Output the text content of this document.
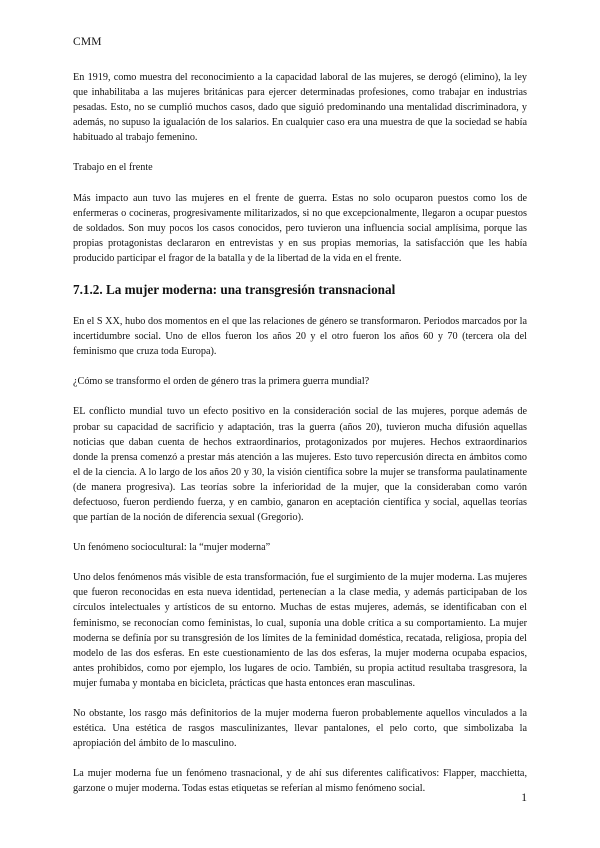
CMM

En 1919, como muestra del reconocimiento a la capacidad laboral de las mujeres, se derogó (elimino), la ley que inhabilitaba a las mujeres británicas para ejercer determinadas profesiones, como trabajar en industrias pesadas. Esto, no se cumplió muchos casos, dado que siguió predominando una mentalidad discriminadora, y además, no supuso la igualación de los salarios. En cualquier caso era una muestra de que la sociedad se había habituado al trabajo femenino.

Trabajo en el frente

Más impacto aun tuvo las mujeres en el frente de guerra. Estas no solo ocuparon puestos como los de enfermeras o cocineras, progresivamente militarizados, si no que excepcionalmente, llegaron a ocupar puestos de soldados. Son muy pocos los casos conocidos, pero tuvieron una influencia social amplísima, porque las propias protagonistas declararon en entrevistas y en sus propias memorias, la satisfacción que les había producido participar el fragor de la batalla y de la libertad de la vida en el frente.

7.1.2. La mujer moderna: una transgresión transnacional

En el S XX, hubo dos momentos en el que las relaciones de género se transformaron. Periodos marcados por la incertidumbre social. Uno de ellos fueron los años 20 y el otro fueron los años 60 y 70 (tercera ola del feminismo que cruza toda Europa).

¿Cómo se transformo el orden de género tras la primera guerra mundial?

EL conflicto mundial tuvo un efecto positivo en la consideración social de las mujeres, porque además de probar su capacidad de sacrificio y adaptación, tras la guerra (años 20), tuvieron mucha difusión aquellas noticias que daban cuenta de hechos extraordinarios, protagonizados por mujeres. Hechos extraordinarios donde la prensa comenzó a prestar más atención a las mujeres. Esto tuvo repercusión directa en ámbitos como el de la ciencia. A lo largo de los años 20 y 30, la visión científica sobre la mujer se transforma paulatinamente (de manera progresiva). Las teorías sobre la inferioridad de la mujer, que la consideraban como varón defectuoso, fueron perdiendo fuerza, y en cambio, ganaron en aceptación científica y social, aquellas teorías que partían de la noción de diferencia sexual (Gregorio).

Un fenómeno sociocultural: la “mujer moderna”

Uno delos fenómenos más visible de esta transformación, fue el surgimiento de la mujer moderna. Las mujeres que fueron reconocidas en esta nueva identidad, pertenecían a la clase media, y además participaban de los círculos intelectuales y artísticos de su entorno. Muchas de estas mujeres, además, se identificaban con el feminismo, se reconocían como feministas, lo cual, suponía una doble crítica a su comportamiento. La mujer moderna se definía por su transgresión de los límites de la feminidad doméstica, recatada, religiosa, propia del modelo de las dos esferas. En este cuestionamiento de las dos esferas, la mujer moderna ocupaba espacios, antes prohibidos, como por ejemplo, los lugares de ocio. También, su propia actitud resultaba trasgresora, la mujer fumaba y montaba en bicicleta, prácticas que hasta entonces eran masculinas.

No obstante, los rasgo más definitorios de la mujer moderna fueron probablemente aquellos vinculados a la estética. Una estética de rasgos masculinizantes, llevar pantalones, el pelo corto, que simbolizaba la apropiación del ámbito de lo masculino.

La mujer moderna fue un fenómeno trasnacional, y de ahí sus diferentes calificativos: Flapper, macchietta, garzone o mujer moderna. Todas estas etiquetas se referían al mismo fenómeno social.

1
